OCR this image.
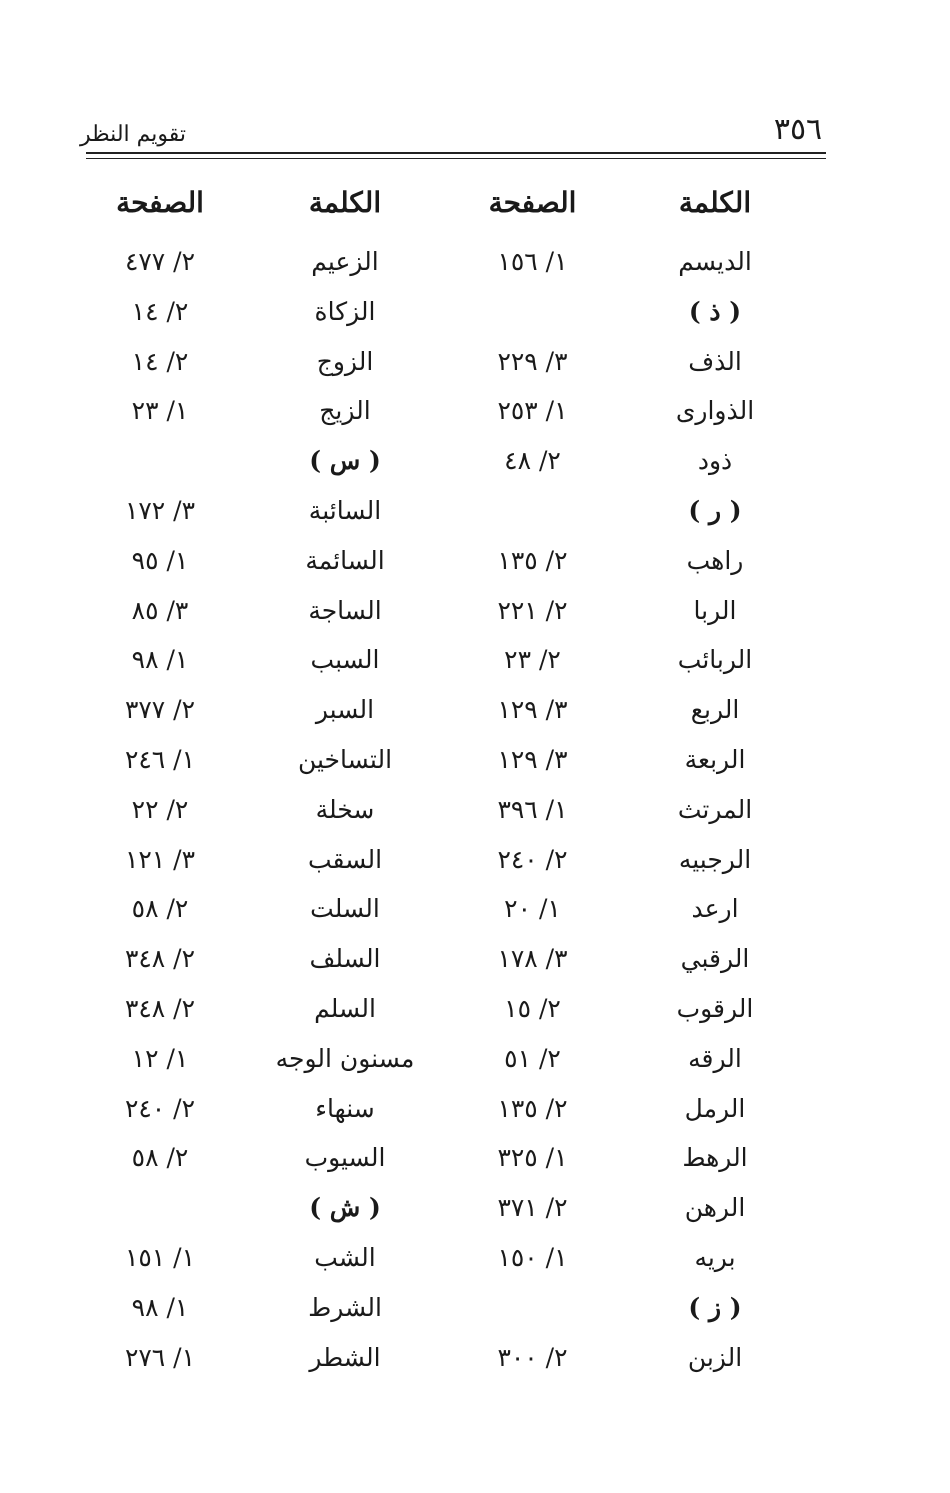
٣٥٦
تقويم النظر
الكلمة
الصفحة
الكلمة
الصفحة
الديسم
١/ ١٥٦
الزعيم
٢/ ٤٧٧
( ذ )
الزكاة
٢/ ١٤
الذف
٣/ ٢٢٩
الزوج
٢/ ١٤
الذوارى
١/ ٢٥٣
الزيج
١/ ٢٣
ذود
٢/ ٤٨
( س )
( ر )
السائبة
٣/ ١٧٢
راهب
٢/ ١٣٥
السائمة
١/ ٩٥
الربا
٢/ ٢٢١
الساجة
٣/ ٨٥
الربائب
٢/ ٢٣
السبب
١/ ٩٨
الربع
٣/ ١٢٩
السبر
٢/ ٣٧٧
الربعة
٣/ ١٢٩
التساخين
١/ ٢٤٦
المرتث
١/ ٣٩٦
سخلة
٢/ ٢٢
الرجبيه
٢/ ٢٤٠
السقب
٣/ ١٢١
ارعد
١/ ٢٠
السلت
٢/ ٥٨
الرقبي
٣/ ١٧٨
السلف
٢/ ٣٤٨
الرقوب
٢/ ١٥
السلم
٢/ ٣٤٨
الرقه
٢/ ٥١
مسنون الوجه
١/ ١٢
الرمل
٢/ ١٣٥
سنهاء
٢/ ٢٤٠
الرهط
١/ ٣٢٥
السيوب
٢/ ٥٨
الرهن
٢/ ٣٧١
( ش )
بريه
١/ ١٥٠
الشب
١/ ١٥١
( ز )
الشرط
١/ ٩٨
الزبن
٢/ ٣٠٠
الشطر
١/ ٢٧٦
